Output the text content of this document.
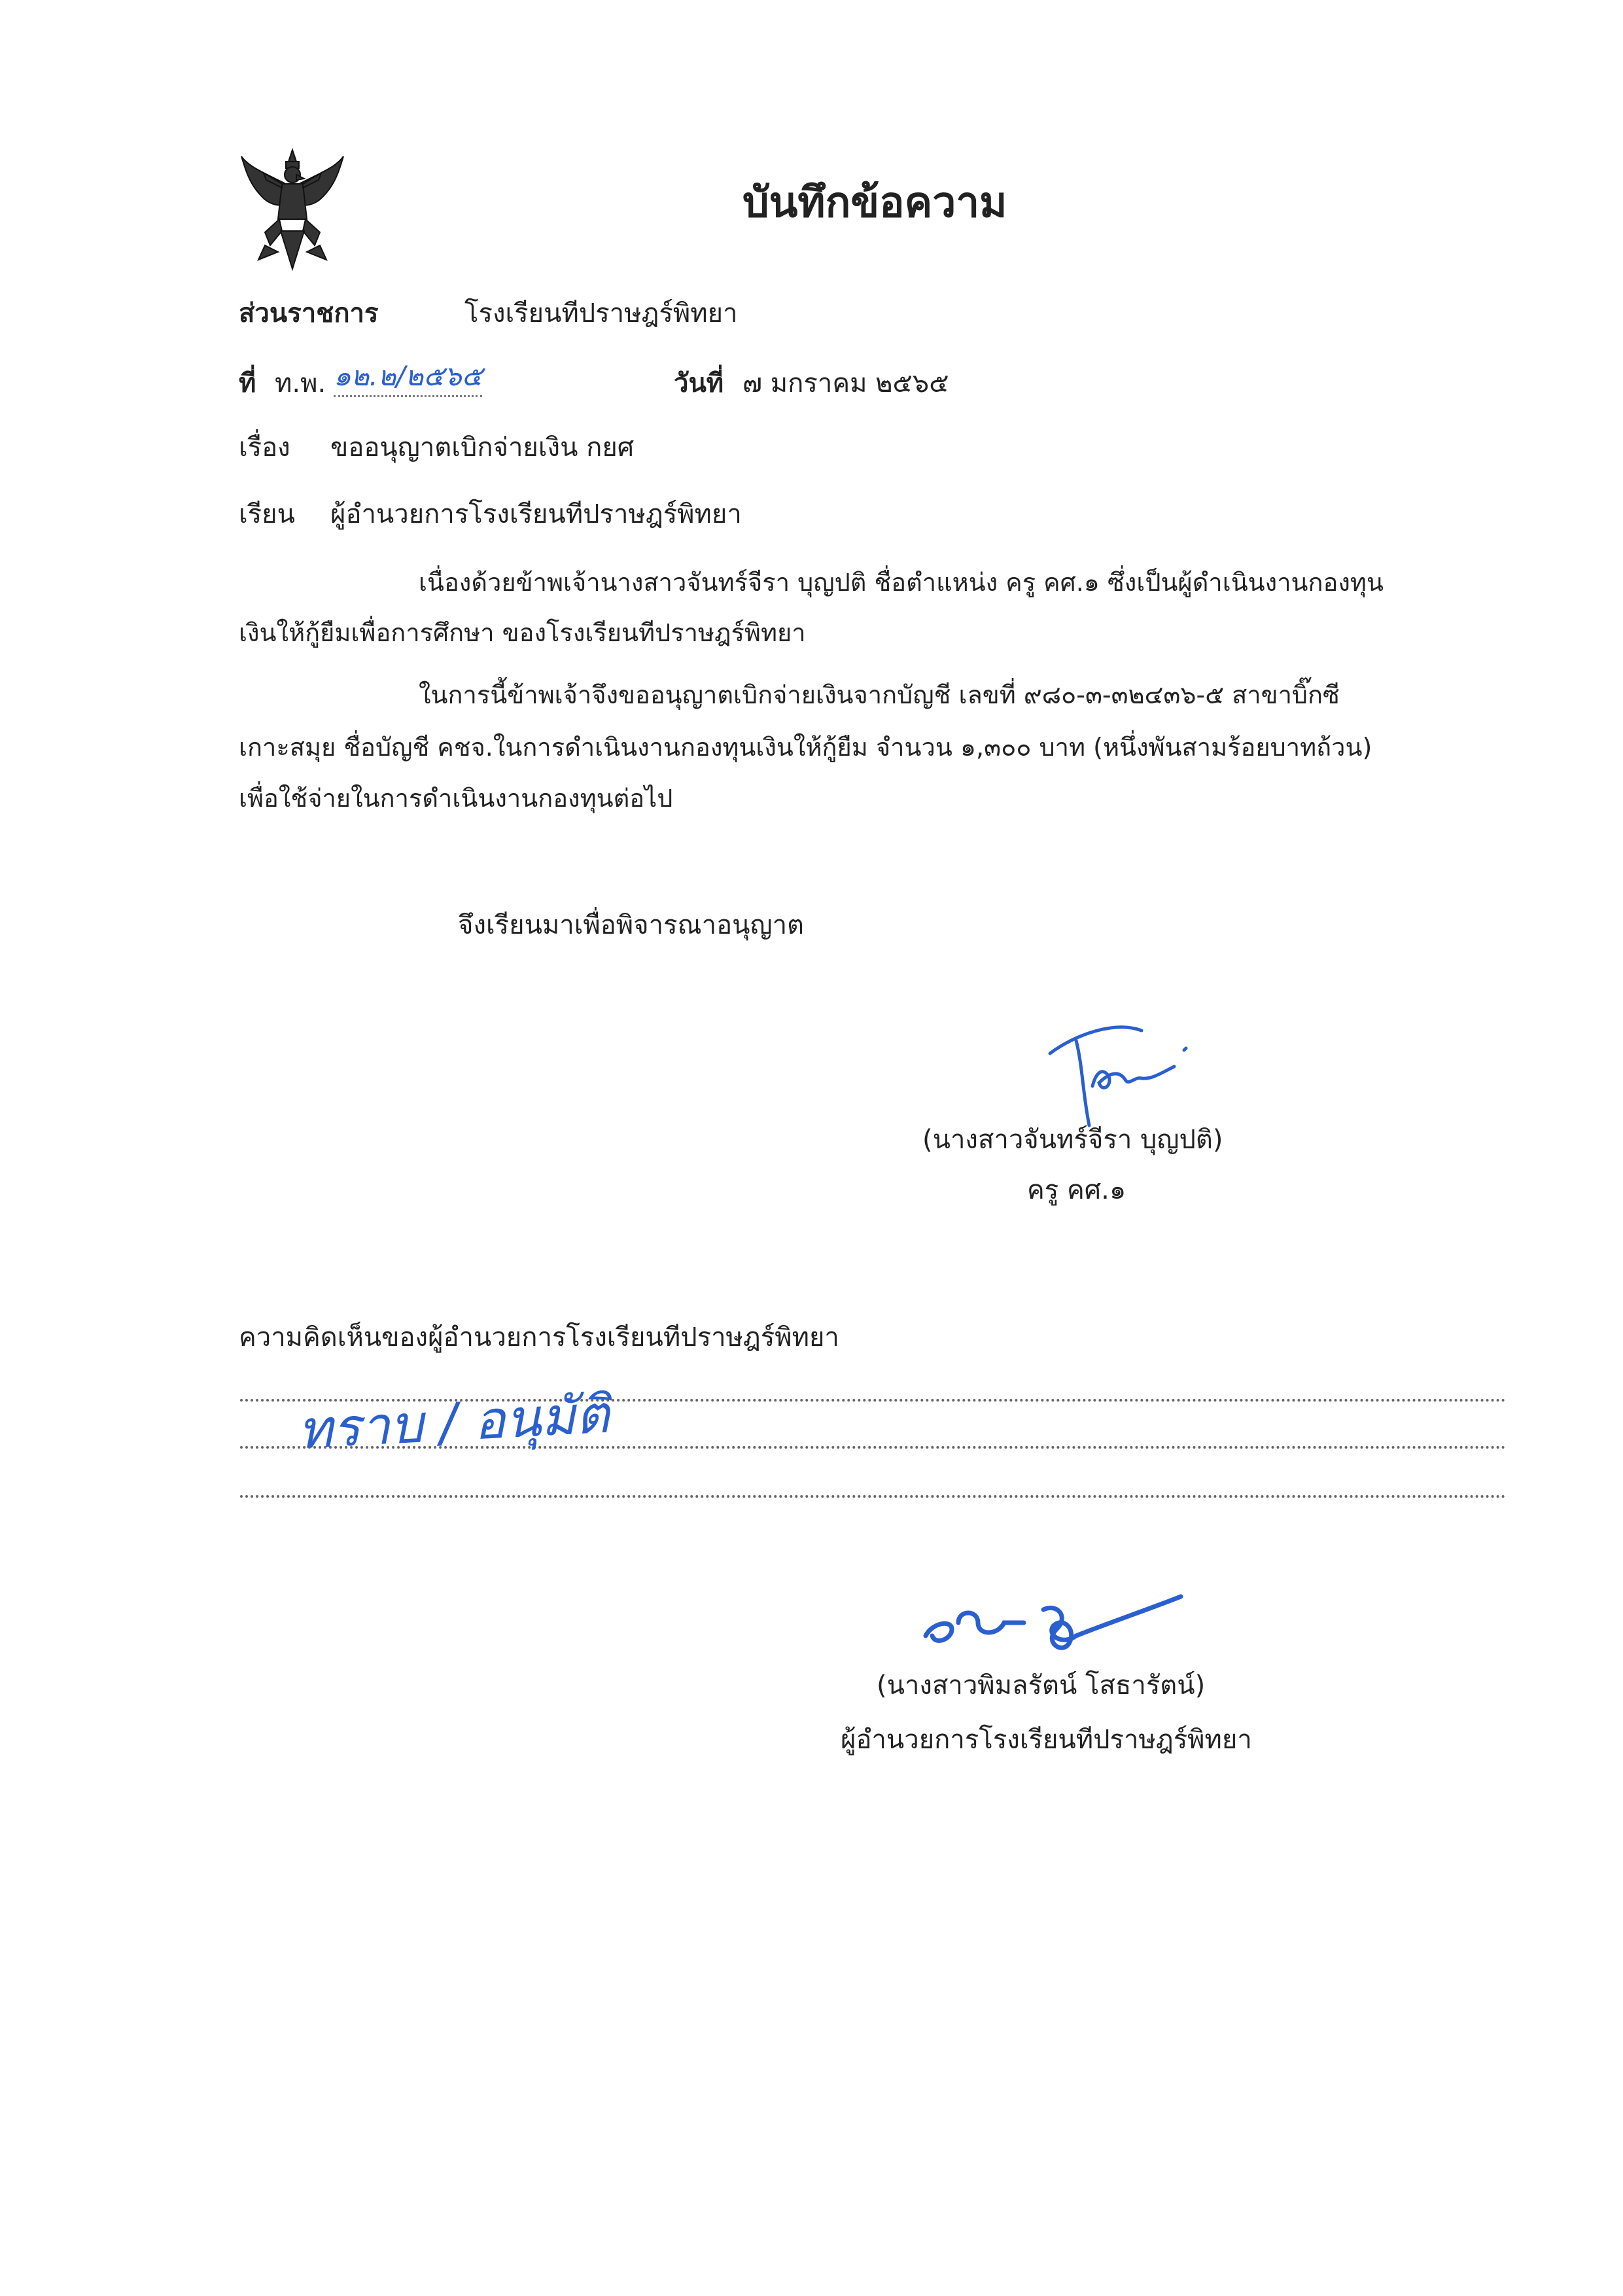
บันทึกข้อความ
ส่วนราชการ	โรงเรียนทีปราษฎร์พิทยา
ที่ ท.พ. ๑๒.๒/๒๕๖๕	วันที่ ๗ มกราคม ๒๕๖๕
เรื่อง ขออนุญาตเบิกจ่ายเงิน กยศ
เรียน ผู้อำนวยการโรงเรียนทีปราษฎร์พิทยา
เนื่องด้วยข้าพเจ้านางสาวจันทร์จีรา บุญปติ ชื่อตำแหน่ง ครู คศ.๑ ซึ่งเป็นผู้ดำเนินงานกองทุน
เงินให้กู้ยืมเพื่อการศึกษา ของโรงเรียนทีปราษฎร์พิทยา
ในการนี้ข้าพเจ้าจึงขออนุญาตเบิกจ่ายเงินจากบัญชี เลขที่ ๙๘๐-๓-๓๒๔๓๖-๕ สาขาบิ๊กซี
เกาะสมุย ชื่อบัญชี คชจ.ในการดำเนินงานกองทุนเงินให้กู้ยืม จำนวน ๑,๓๐๐ บาท (หนึ่งพันสามร้อยบาทถ้วน)
เพื่อใช้จ่ายในการดำเนินงานกองทุนต่อไป
จึงเรียนมาเพื่อพิจารณาอนุญาต
(นางสาวจันทร์จีรา บุญปติ)
ครู คศ.๑
ความคิดเห็นของผู้อำนวยการโรงเรียนทีปราษฎร์พิทยา
ทราบ / อนุมัติ
(นางสาวพิมลรัตน์ โสธารัตน์)
ผู้อำนวยการโรงเรียนทีปราษฎร์พิทยา
